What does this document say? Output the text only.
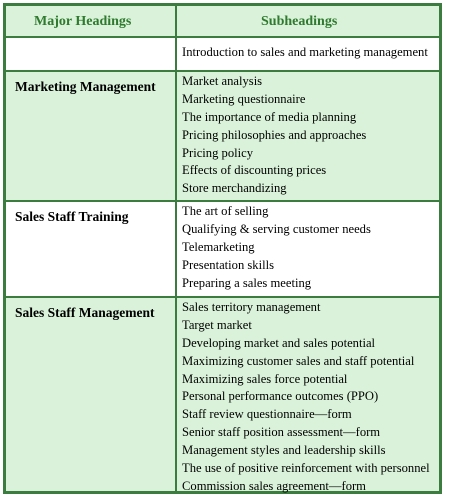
Major Headings	Subheadings
Introduction to sales and marketing management
Marketing Management Market analysis
Marketing questionnaire
The importance of media planning
Pricing philosophies and approaches
Pricing policy
Effects of discounting prices
Store merchandizing
Sales Staff Training	The art of selling
Qualifying & serving customer needs
Telemarketing
Presentation skills
Preparing a sales meeting
Sales Staff Management Sales territory management
Target market
Developing market and sales potential
Maximizing customer sales and staff potential
Maximizing sales force potential
Personal performance outcomes (PPO)
Staff review questionnaire—form
Senior staff position assessment—form
Management styles and leadership skills
The use of positive reinforcement with personnel
Commission sales agreement—form
